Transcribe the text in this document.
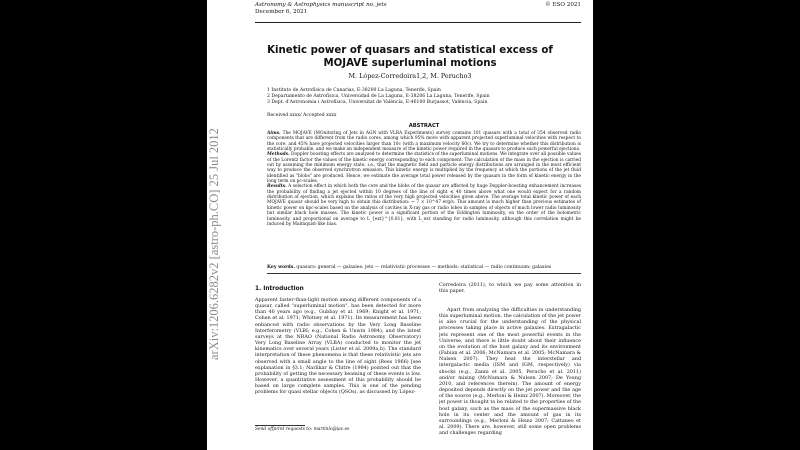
Astronomy & Astrophysics manuscript no. jets
December 6, 2021
© ESO 2021
Kinetic power of quasars and statistical excess of MOJAVE superluminal motions
M. López-Corredoira1,2, M. Perucho3
1 Instituto de Astrofísica de Canarias, E-38200 La Laguna, Tenerife, Spain
2 Departamento de Astrofísica, Universidad de La Laguna, E-38206 La Laguna, Tenerife, Spain
3 Dept. d'Astronomia i Astrofísica, Universitat de València, E-46100 Burjassot, València, Spain
Received xxxx/ Accepted xxxx
ABSTRACT

Aims. The MOJAVE (MOnitoring of Jets in AGN with VLBA Experiments) survey contains 101 quasars with a total of 354 observed radio components that are different from the radio cores, among which 95% move with apparent projected superluminal velocities with respect to the core, and 45% have projected velocities larger than 10c (with a maximum velocity 60c). We try to determine whether this distribution is statistically probable, and we make an independent measure of the kinetic power required in the quasars to produce such powerful ejections.

Methods. Doppler boosting effects are analyzed to determine the statistics of the superluminal motions. We integrate over all possible values of the Lorentz factor the values of the kinetic energy corresponding to each component. The calculation of the mass in the ejection is carried out by assuming the minimum energy state, i.e., that the magnetic field and particle energy distributions are arranged in the most efficient way to produce the observed synchrotron emission. This kinetic energy is multiplied by the frequency at which the portions of the jet fluid identified as "blobs" are produced. Hence, we estimate the average total power released by the quasars in the form of kinetic energy in the long term on pc-scales.

Results. A selection effect in which both the core and the blobs of the quasar are affected by huge Doppler-boosting enhancement increases the probability of finding a jet ejected within 10 degrees of the line of sight ≲ 40 times above what one would expect for a random distribution of ejection, which explains the ratios of the very high projected velocities given above. The average total kinetic power of each MOJAVE quasar should be very high to obtain this distribution: ~ 7 × 10^47 erg/s. This amount is much higher than previous estimates of kinetic power on kpc-scales based on the analysis of cavities in X-ray gas or radio lobes in samples of objects of much lower radio luminosity but similar black hole masses. The kinetic power is a significant portion of the Eddington luminosity, on the order of the bolometric luminosity, and proportional on average to L_{ext}^{0.81}, with L_ext standing for radio luminosity, although this correlation might be induced by Malmquist-like bias.

Key words. quasars: general — galaxies: jets — relativistic processes — methods: statistical — radio continuum: galaxies
1. Introduction
Apparent faster-than-light motion among different components of a quasar, called "superluminal motion", has been detected for more than 40 years ago (e.g., Gubbay et al. 1969; Knight et al. 1971; Cohen et al. 1971; Whitney et al. 1971). Its measurement has been enhanced with radio observations by the Very Long Baseline Interferometry (VLBI; e.g., Cohen & Unwin 1984), and the latest surveys at the NRAO (National Radio Astronomy Observatory) Very Long Baseline Array (VLBA) conducted to monitor the jet kinematics over several years (Lister et al. 2009a,b). The standard interpretation of these phenomena is that these relativistic jets are observed with a small angle to the line of sight (Rees 1966) [see explanation in §3.1; Narlikar & Chitre (1984) pointed out that the probability of getting the necessary beaming of these events is low. However, a quantitative assessment of this probability should be based on large complete samples. This is one of the pending problems for quasi stellar objects (QSOs), as discussed by López-
Corredoira (2011), to which we pay some attention in this paper.
Apart from analyzing the difficulties in understanding this superluminal motion, the calculation of the jet power is also crucial for the understanding of the physical processes taking place in active galaxies. Extragalactic jets represent one of the most powerful events in the Universe, and there is little doubt about their influence on the evolution of the host galaxy and its environment (Fabian et al. 2006; McNamara et al. 2005; McNamara & Nulsen 2007). They heat the interstellar and intergalactic media (ISM and IGM, respectively) via shocks (e.g., Zanni et al. 2005, Perucho et al. 2011) and/or mixing (McNamara & Nulsen 2007; De Young 2010, and references therein). The amount of energy deposited depends directly on the jet power and the age of the source (e.g., Merloni & Heinz 2007). Moreover, the jet power is thought to be related to the properties of the host galaxy, such as the mass of the supermassive black hole in its center and the amount of gas in its surroundings (e.g., Merloni & Heinz 2007; Cattaneo et al. 2009). There are, however, still some open problems and challenges regarding
Send offprint requests to: martinlc@iac.es
arXiv:1206.6282v2 [astro-ph.CO] 25 Jul 2012
